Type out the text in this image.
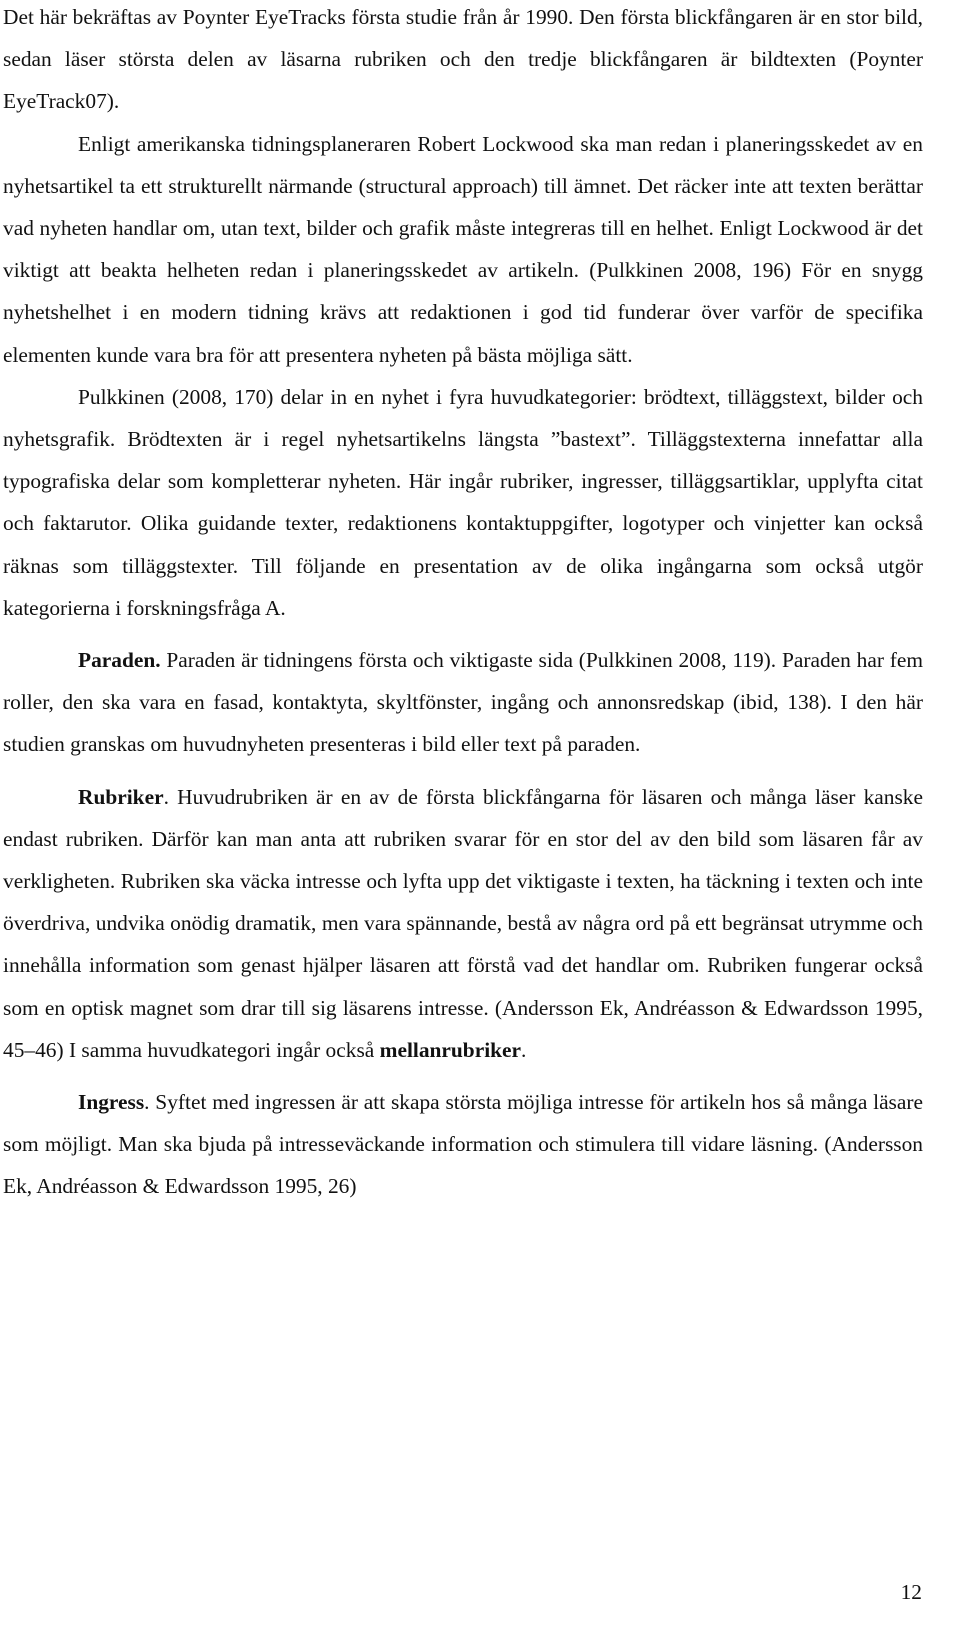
Det här bekräftas av Poynter EyeTracks första studie från år 1990. Den första blickfångaren är en stor bild, sedan läser största delen av läsarna rubriken och den tredje blickfångaren är bildtexten (Poynter EyeTrack07).

Enligt amerikanska tidningsplaneraren Robert Lockwood ska man redan i planeringsskedet av en nyhetsartikel ta ett strukturellt närmande (structural approach) till ämnet. Det räcker inte att texten berättar vad nyheten handlar om, utan text, bilder och grafik måste integreras till en helhet. Enligt Lockwood är det viktigt att beakta helheten redan i planeringsskedet av artikeln. (Pulkkinen 2008, 196) För en snygg nyhetshelhet i en modern tidning krävs att redaktionen i god tid funderar över varför de specifika elementen kunde vara bra för att presentera nyheten på bästa möjliga sätt.

Pulkkinen (2008, 170) delar in en nyhet i fyra huvudkategorier: brödtext, tilläggstext, bilder och nyhetsgrafik. Brödtexten är i regel nyhetsartikelns längsta ”bastext”. Tilläggstexterna innefattar alla typografiska delar som kompletterar nyheten. Här ingår rubriker, ingresser, tilläggsartiklar, upplyfta citat och faktarutor. Olika guidande texter, redaktionens kontaktuppgifter, logotyper och vinjetter kan också räknas som tilläggstexter. Till följande en presentation av de olika ingångarna som också utgör kategorierna i forskningsfråga A.

Paraden. Paraden är tidningens första och viktigaste sida (Pulkkinen 2008, 119). Paraden har fem roller, den ska vara en fasad, kontaktyta, skyltfönster, ingång och annonsredskap (ibid, 138). I den här studien granskas om huvudnyheten presenteras i bild eller text på paraden.

Rubriker. Huvudrubriken är en av de första blickfångarna för läsaren och många läser kanske endast rubriken. Därför kan man anta att rubriken svarar för en stor del av den bild som läsaren får av verkligheten. Rubriken ska väcka intresse och lyfta upp det viktigaste i texten, ha täckning i texten och inte överdriva, undvika onödig dramatik, men vara spännande, bestå av några ord på ett begränsat utrymme och innehålla information som genast hjälper läsaren att förstå vad det handlar om. Rubriken fungerar också som en optisk magnet som drar till sig läsarens intresse. (Andersson Ek, Andréasson & Edwardsson 1995, 45–46) I samma huvudkategori ingår också mellanrubriker.

Ingress. Syftet med ingressen är att skapa största möjliga intresse för artikeln hos så många läsare som möjligt. Man ska bjuda på intresseväckande information och stimulera till vidare läsning. (Andersson Ek, Andréasson & Edwardsson 1995, 26)

12
